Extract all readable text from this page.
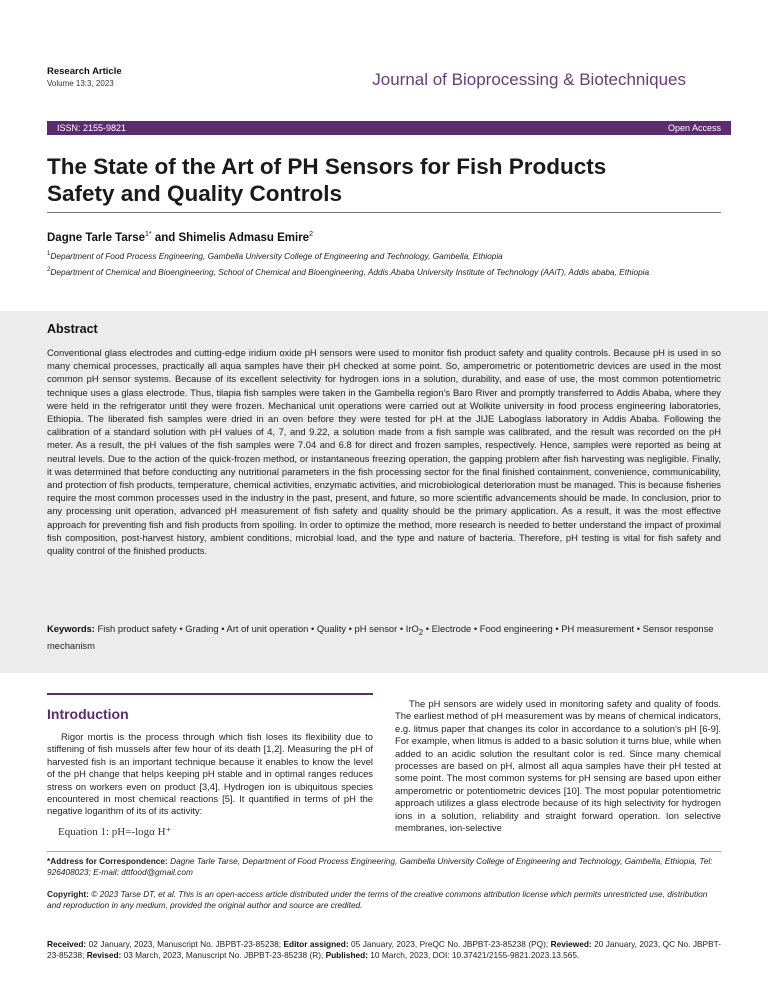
Research Article
Volume 13:3, 2023	Journal of Bioprocessing & Biotechniques
ISSN: 2155-9821	Open Access
The State of the Art of PH Sensors for Fish Products Safety and Quality Controls
Dagne Tarle Tarse$^{1*}$ and Shimelis Admasu Emire$^2$
$^1$Department of Food Process Engineering, Gambella University College of Engineering and Technology, Gambella, Ethiopia
$^2$Department of Chemical and Bioengineering, School of Chemical and Bioengineering, Addis Ababa University Institute of Technology (AAiT), Addis ababa, Ethiopia
Abstract

Conventional glass electrodes and cutting-edge iridium oxide pH sensors were used to monitor fish product safety and quality controls. Because pH is used in so many chemical processes, practically all aqua samples have their pH checked at some point. So, amperometric or potentiometric devices are used in the most common pH sensor systems. Because of its excellent selectivity for hydrogen ions in a solution, durability, and ease of use, the most common potentiometric technique uses a glass electrode. Thus, tilapia fish samples were taken in the Gambella region's Baro River and promptly transferred to Addis Ababa, where they were held in the refrigerator until they were frozen. Mechanical unit operations were carried out at Wolkite university in food process engineering laboratories, Ethiopia. The liberated fish samples were dried in an oven before they were tested for pH at the JIJE Laboglass laboratory in Addis Ababa. Following the calibration of a standard solution with pH values of 4, 7, and 9.22, a solution made from a fish sample was calibrated, and the result was recorded on the pH meter. As a result, the pH values of the fish samples were 7.04 and 6.8 for direct and frozen samples, respectively. Hence, samples were reported as being at neutral levels. Due to the action of the quick-frozen method, or instantaneous freezing operation, the gapping problem after fish harvesting was negligible. Finally, it was determined that before conducting any nutritional parameters in the fish processing sector for the final finished containment, convenience, communicability, and protection of fish products, temperature, chemical activities, enzymatic activities, and microbiological deterioration must be managed. This is because fisheries require the most common processes used in the industry in the past, present, and future, so more scientific advancements should be made. In conclusion, prior to any processing unit operation, advanced pH measurement of fish safety and quality should be the primary application. As a result, it was the most effective approach for preventing fish and fish products from spoiling. In order to optimize the method, more research is needed to better understand the impact of proximal fish composition, post-harvest history, ambient conditions, microbial load, and the type and nature of bacteria. Therefore, pH testing is vital for fish safety and quality control of the finished products.

Keywords: Fish product safety • Grading • Art of unit operation • Quality • pH sensor • IrO$_2$ • Electrode • Food engineering • PH measurement • Sensor response mechanism

Introduction

Rigor mortis is the process through which fish loses its flexibility due to stiffening of fish mussels after few hour of its death [1,2]. Measuring the pH of harvested fish is an important technique because it enables to know the level of the pH change that helps keeping pH stable and in optimal ranges reduces stress on workers even on product [3,4]. Hydrogen ion is ubiquitous species encountered in most chemical reactions [5]. It quantified in terms of pH the negative logarithm of its of its activity:

Equation 1: pH=-logα H⁺

The pH sensors are widely used in monitoring safety and quality of foods. The earliest method of pH measurement was by means of chemical indicators, e.g. litmus paper that changes its color in accordance to a solution's pH [6-9]. For example, when litmus is added to a basic solution it turns blue, while when added to an acidic solution the resultant color is red. Since many chemical processes are based on pH, almost all aqua samples have their pH tested at some point. The most common systems for pH sensing are based upon either amperometric or potentiometric devices [10]. The most popular potentiometric approach utilizes a glass electrode because of its high selectivity for hydrogen ions in a solution, reliability and straight forward operation. Ion selective membranes, ion-selective

*Address for Correspondence: Dagne Tarle Tarse, Department of Food Process Engineering, Gambella University College of Engineering and Technology, Gambella, Ethiopia, Tel: 926408023; E-mail: dttfood@gmail.com

Copyright: © 2023 Tarse DT, et al. This is an open-access article distributed under the terms of the creative commons attribution license which permits unrestricted use, distribution and reproduction in any medium, provided the original author and source are credited.

Received: 02 January, 2023, Manuscript No. JBPBT-23-85238; Editor assigned: 05 January, 2023, PreQC No. JBPBT-23-85238 (PQ); Reviewed: 20 January, 2023, QC No. JBPBT-23-85238; Revised: 03 March, 2023, Manuscript No. JBPBT-23-85238 (R); Published: 10 March, 2023, DOI: 10.37421/2155-9821.2023.13.565.
